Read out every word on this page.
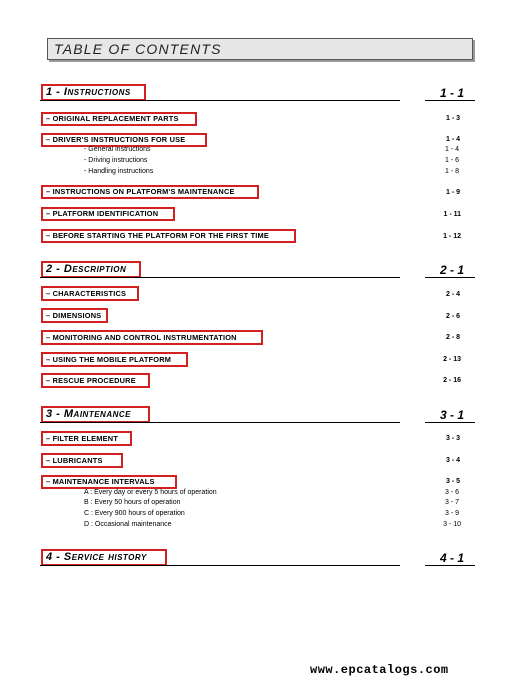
TABLE OF CONTENTS
1 - Instructions	1 - 1
– ORIGINAL REPLACEMENT PARTS	1 - 3
– DRIVER'S INSTRUCTIONS FOR USE	1 - 4
- General instructions	1 - 4
- Driving instructions	1 - 6
- Handling instructions	1 - 8
– INSTRUCTIONS ON PLATFORM'S MAINTENANCE	1 - 9
– PLATFORM IDENTIFICATION	1 - 11
– BEFORE STARTING THE PLATFORM FOR THE FIRST TIME	1 - 12
2 - Description	2 - 1
– CHARACTERISTICS	2 - 4
– DIMENSIONS	2 - 6
– MONITORING AND CONTROL INSTRUMENTATION	2 - 8
– USING THE MOBILE PLATFORM	2 - 13
– RESCUE PROCEDURE	2 - 16
3 - Maintenance	3 - 1
– FILTER ELEMENT	3 - 3
– LUBRICANTS	3 - 4
– MAINTENANCE INTERVALS	3 - 5
A : Every day or every 5 hours of operation	3 - 6
B : Every 50 hours of operation	3 - 7
C : Every 900 hours of operation	3 - 9
D : Occasional maintenance	3 - 10
4 - Service history	4 - 1
www.epcatalogs.com
